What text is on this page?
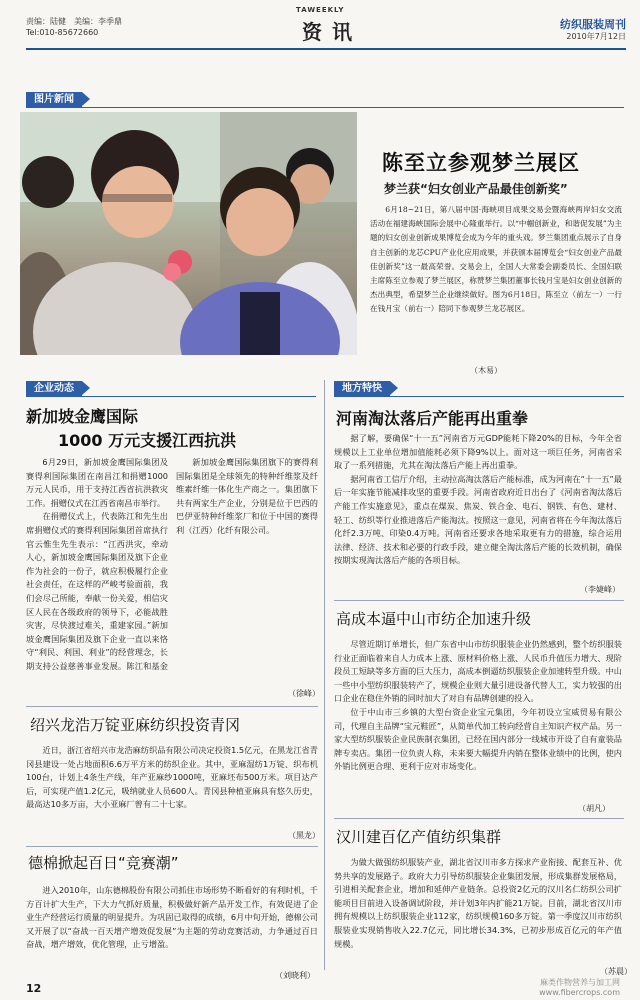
TAWEEKLY
责编：陆健　美编：李季鼎
Tel:010-85672660	资讯	纺织服装周刊
2010年7月12日
图片新闻
陈至立参观梦兰展区
梦兰获“妇女创业产品最佳创新奖”

6月18~21日，第八届中国·海峡项目成果交易会暨海峡两岸妇女交流活动在福建海峡国际会展中心隆重举行。以“中帼创新业，和谐促发展”为主题的妇女创业创新成果博览会成为今年的重头戏。梦兰集团重点展示了自身自主创新的龙芯CPU产业化应用成果，并获颁本届博览会“妇女创业产品最佳创新奖”这一最高荣誉。交易会上，全国人大常委会副委员长、全国妇联主席陈至立参观了梦兰展区，称赞梦兰集团董事长钱月宝是妇女创业创新的杰出典型，希望梦兰企业继续做好。图为6月18日，陈至立（前左一）一行在钱月宝（前右一）陪同下参观梦兰龙芯展区。

（木易）
企业动态	地方特快
新加坡金鹰国际
1000 万元支援江西抗洪

6月29日，新加坡金鹰国际集团及赛得利国际集团在南昌江和捐赠1000万元人民币，用于支持江西省抗洪救灾工作。捐赠仪式在江西省南昌市举行。

在捐赠仪式上，代表陈江和先生出席捐赠仪式的赛得利国际集团首席执行官云惟生先生表示：“江西洪灾，牵动人心，新加坡金鹰国际集团及旗下企业作为社会的一份子，就应积极履行企业社会责任，在这样的严峻考验面前，我们会尽己所能，奉献一份关爱，相信灾区人民在各级政府的领导下，必能战胜灾害，尽快渡过难关，重建家园。”新加坡金鹰国际集团及旗下企业一直以来恪守“利民、利国、利业”的经营理念，长期支持公益慈善事业发展。陈江和基金

新加坡金鹰国际集团旗下的赛得利国际集团是全球领先的特种纤维浆及纤维素纤维一体化生产商之一。集团旗下共有两家生产企业，分别是位于巴西的巴伊亚特种纤维浆厂和位于中国的赛得利（江西）化纤有限公司。

（徐峰）
绍兴龙浩万锭亚麻纺织投资青冈

近日，浙江省绍兴市龙浩麻纺织品有限公司决定投资1.5亿元，在黑龙江省青冈县建设一处占地面积6.6万平方米的纺织企业。其中，亚麻湿纺1万锭、织布机100台，计划上4条生产线，年产亚麻纱1000吨，亚麻坯布500万米。项目达产后，可实现产值1.2亿元，吸纳就业人员600人。青冈县种植亚麻具有悠久历史，最高达10多万亩，大小亚麻厂曾有二十七家。

（黑龙）
德棉掀起百日“竞赛潮”

进入2010年，山东德棉股份有限公司抓住市场形势不断看好的有利时机，千方百计扩大生产，下大力气抓好质量，积极做好新产品开发工作，有效促进了企业生产经营运行质量的明显提升。为巩固已取得的成绩，6月中旬开始，德棉公司又开展了以“奋战一百天增产增效促发展”为主题的劳动竞赛活动，力争通过百日奋战，增产增效，优化管理，止亏增盈。

（刘晓利）
河南淘汰落后产能再出重拳

据了解，要确保“十一五”河南省万元GDP能耗下降20%的目标，今年全省规模以上工业单位增加值能耗必须下降9%以上。面对这一项巨任务，河南省采取了一系列措施，尤其在淘汰落后产能上再出重拳。

据河南省工信厅介绍，主动拉高淘汰落后产能标准，成为河南在“十一五”最后一年实施节能减排攻坚的重要手段。河南省政府近日出台了《河南省淘汰落后产能工作实施意见》，重点在煤炭、焦炭、铁合金、电石、钢铁、有色、建材、轻工、纺织等行业推进落后产能淘汰。按照这一意见，河南省将在今年淘汰落后化纤2.3万吨、印染0.4万吨。河南省还要求各地采取更有力的措施，综合运用法律、经济、技术和必要的行政手段，建立健全淘汰落后产能的长效机制，确保按期实现淘汰落后产能的各项目标。

（李婕峰）
高成本逼中山市纺企加速升级

尽管近期订单增长，但广东省中山市纺织服装企业仍然感到，整个纺织服装行业正面临着来自人力成本上涨、原材料价格上涨、人民币升值压力增大、现阶段员工短缺等多方面的巨大压力，高成本倒逼纺织服装企业加速转型升级。中山一些中小型纺织服装转产了，规模企业则大量引进设备代替人工，实力较强的出口企业在稳住外销的同时加大了对自有品牌创建的投入。

位于中山市三乡镇的大型台资企业宝元集团，今年初设立宝威贸易有限公司，代理自主品牌“宝元鞋匠”，从简单代加工转向经营自主知识产权产品。另一家大型纺织服装企业民族制衣集团，已经在国内部分一线城市开设了自有童装品牌专卖店。集团一位负责人称，未来要大幅提升内销在整体业绩中的比例，使内外销比例更合理、更利于应对市场变化。

（胡凡）
汉川建百亿产值纺织集群

为做大做强纺织服装产业，湖北省汉川市多方探求产业衔接、配套互补、优势共享的发展路子。政府大力引导纺织服装企业集团发展，形成集群发展格局，引进相关配套企业，增加和延伸产业链条。总投资2亿元的汉川名仁纺织公司扩能项目目前进入设备调试阶段，并计划3年内扩能21万锭。目前，湖北省汉川市拥有规模以上纺织服装企业112家，纺织规模160多万锭。第一季度汉川市纺织服装业实现销售收入22.7亿元，同比增长34.3%，已初步形成百亿元的年产值规模。

（苏晨）
12	麻类作物营养与加工网
www.fibercrops.com
